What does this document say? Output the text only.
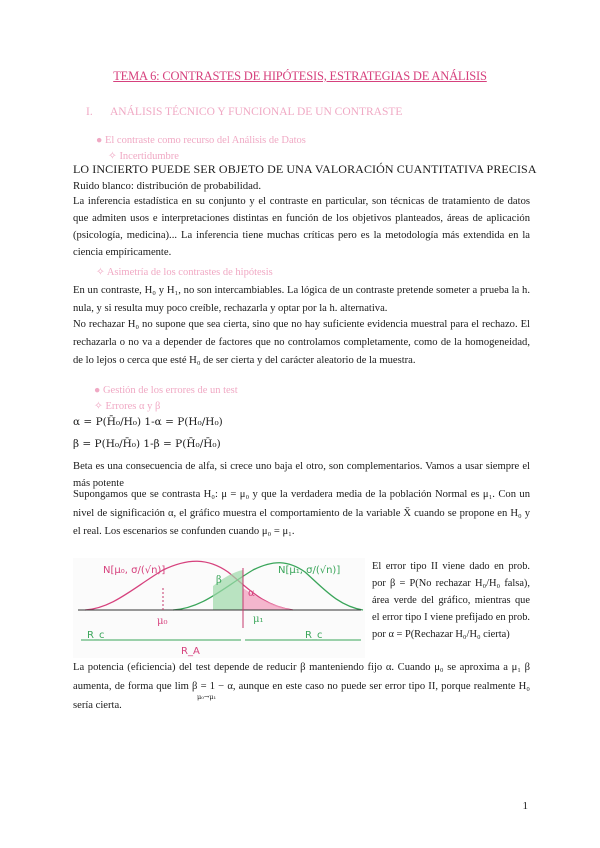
TEMA 6: CONTRASTES DE HIPÓTESIS, ESTRATEGIAS DE ANÁLISIS
I. ANÁLISIS TÉCNICO Y FUNCIONAL DE UN CONTRASTE
● El contraste como recurso del Análisis de Datos
✧ Incertidumbre
LO INCIERTO PUEDE SER OBJETO DE UNA VALORACIÓN CUANTITATIVA PRECISA
Ruido blanco: distribución de probabilidad.
La inferencia estadística en su conjunto y el contraste en particular, son técnicas de tratamiento de datos que admiten usos e interpretaciones distintas en función de los objetivos planteados, áreas de aplicación (psicología, medicina)... La inferencia tiene muchas críticas pero es la metodología más extendida en la ciencia empíricamente.
✧ Asimetría de los contrastes de hipótesis
En un contraste, H₀ y H₁, no son intercambiables. La lógica de un contraste pretende someter a prueba la h. nula, y si resulta muy poco creíble, rechazarla y optar por la h. alternativa.
No rechazar H₀ no supone que sea cierta, sino que no hay suficiente evidencia muestral para el rechazo. El rechazarla o no va a depender de factores que no controlamos completamente, como de la homogeneidad, de lo lejos o cerca que esté H₀ de ser cierta y del carácter aleatorio de la muestra.
● Gestión de los errores de un test
✧ Errores α y β
α = P(H̄₀/H₀) 1-α = P(H₀/H₀)
β = P(H₀/H̄₀) 1-β = P(H̄₀/H̄₀)
Beta es una consecuencia de alfa, si crece uno baja el otro, son complementarios. Vamos a usar siempre el más potente
Supongamos que se contrasta H₀: μ = μ₀ y que la verdadera media de la población Normal es μ₁. Con un nivel de significación α, el gráfico muestra el comportamiento de la variable X̄ cuando se propone en H₀ y el real. Los escenarios se confunden cuando μ₀ = μ₁.
N[μ₀, σ/(√n)]	N[μ₁, σ/(√n)]
μ₀	μ₁
α
β
R_c
R_A
R_c
El error tipo II viene dado en prob. por β = P(No rechazar H₀/H₀ falsa), área verde del gráfico, mientras que el error tipo I viene prefijado en prob. por α = P(Rechazar H₀/H₀ cierta)
La potencia (eficiencia) del test depende de reducir β manteniendo fijo α. Cuando μ₀ se aproxima a μ₁ β aumenta, de forma que lim β = 1 − α, aunque en este caso no puede ser error tipo II, porque realmente H₀ sería cierta.
μ₀→μ₁
1
